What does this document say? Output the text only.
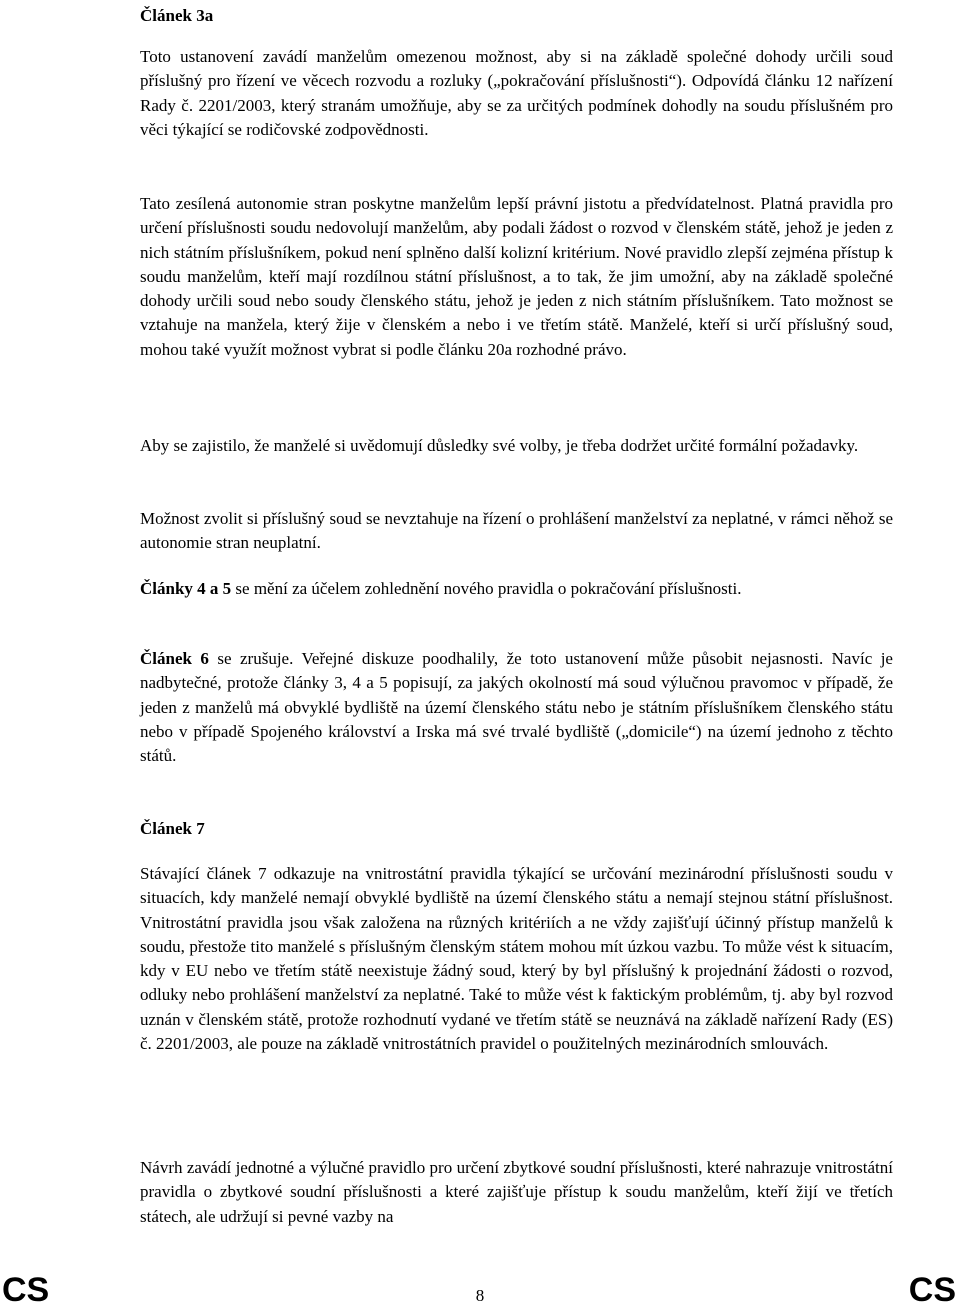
Článek 3a

Toto ustanovení zavádí manželům omezenou možnost, aby si na základě společné dohody určili soud příslušný pro řízení ve věcech rozvodu a rozluky („pokračování příslušnosti“). Odpovídá článku 12 nařízení Rady č. 2201/2003, který stranám umožňuje, aby se za určitých podmínek dohodly na soudu příslušném pro věci týkající se rodičovské zodpovědnosti.

Tato zesílená autonomie stran poskytne manželům lepší právní jistotu a předvídatelnost. Platná pravidla pro určení příslušnosti soudu nedovolují manželům, aby podali žádost o rozvod v členském státě, jehož je jeden z nich státním příslušníkem, pokud není splněno další kolizní kritérium. Nové pravidlo zlepší zejména přístup k soudu manželům, kteří mají rozdílnou státní příslušnost, a to tak, že jim umožní, aby na základě společné dohody určili soud nebo soudy členského státu, jehož je jeden z nich státním příslušníkem. Tato možnost se vztahuje na manžela, který žije v členském a nebo i ve třetím státě. Manželé, kteří si určí příslušný soud, mohou také využít možnost vybrat si podle článku 20a rozhodné právo.

Aby se zajistilo, že manželé si uvědomují důsledky své volby, je třeba dodržet určité formální požadavky.

Možnost zvolit si příslušný soud se nevztahuje na řízení o prohlášení manželství za neplatné, v rámci něhož se autonomie stran neuplatní.

Články 4 a 5 se mění za účelem zohlednění nového pravidla o pokračování příslušnosti.

Článek 6 se zrušuje. Veřejné diskuze poodhalily, že toto ustanovení může působit nejasnosti. Navíc je nadbytečné, protože články 3, 4 a 5 popisují, za jakých okolností má soud výlučnou pravomoc v případě, že jeden z manželů má obvyklé bydliště na území členského státu nebo je státním příslušníkem členského státu nebo v případě Spojeného království a Irska má své trvalé bydliště („domicile“) na území jednoho z těchto států.

Článek 7

Stávající článek 7 odkazuje na vnitrostátní pravidla týkající se určování mezinárodní příslušnosti soudu v situacích, kdy manželé nemají obvyklé bydliště na území členského státu a nemají stejnou státní příslušnost. Vnitrostátní pravidla jsou však založena na různých kritériích a ne vždy zajišťují účinný přístup manželů k soudu, přestože tito manželé s příslušným členským státem mohou mít úzkou vazbu. To může vést k situacím, kdy v EU nebo ve třetím státě neexistuje žádný soud, který by byl příslušný k projednání žádosti o rozvod, odluky nebo prohlášení manželství za neplatné. Také to může vést k faktickým problémům, tj. aby byl rozvod uznán v členském státě, protože rozhodnutí vydané ve třetím státě se neuznává na základě nařízení Rady (ES) č. 2201/2003, ale pouze na základě vnitrostátních pravidel o použitelných mezinárodních smlouvách.

Návrh zavádí jednotné a výlučné pravidlo pro určení zbytkové soudní příslušnosti, které nahrazuje vnitrostátní pravidla o zbytkové soudní příslušnosti a které zajišťuje přístup k soudu manželům, kteří žijí ve třetích státech, ale udržují si pevné vazby na

CS	8	CS
